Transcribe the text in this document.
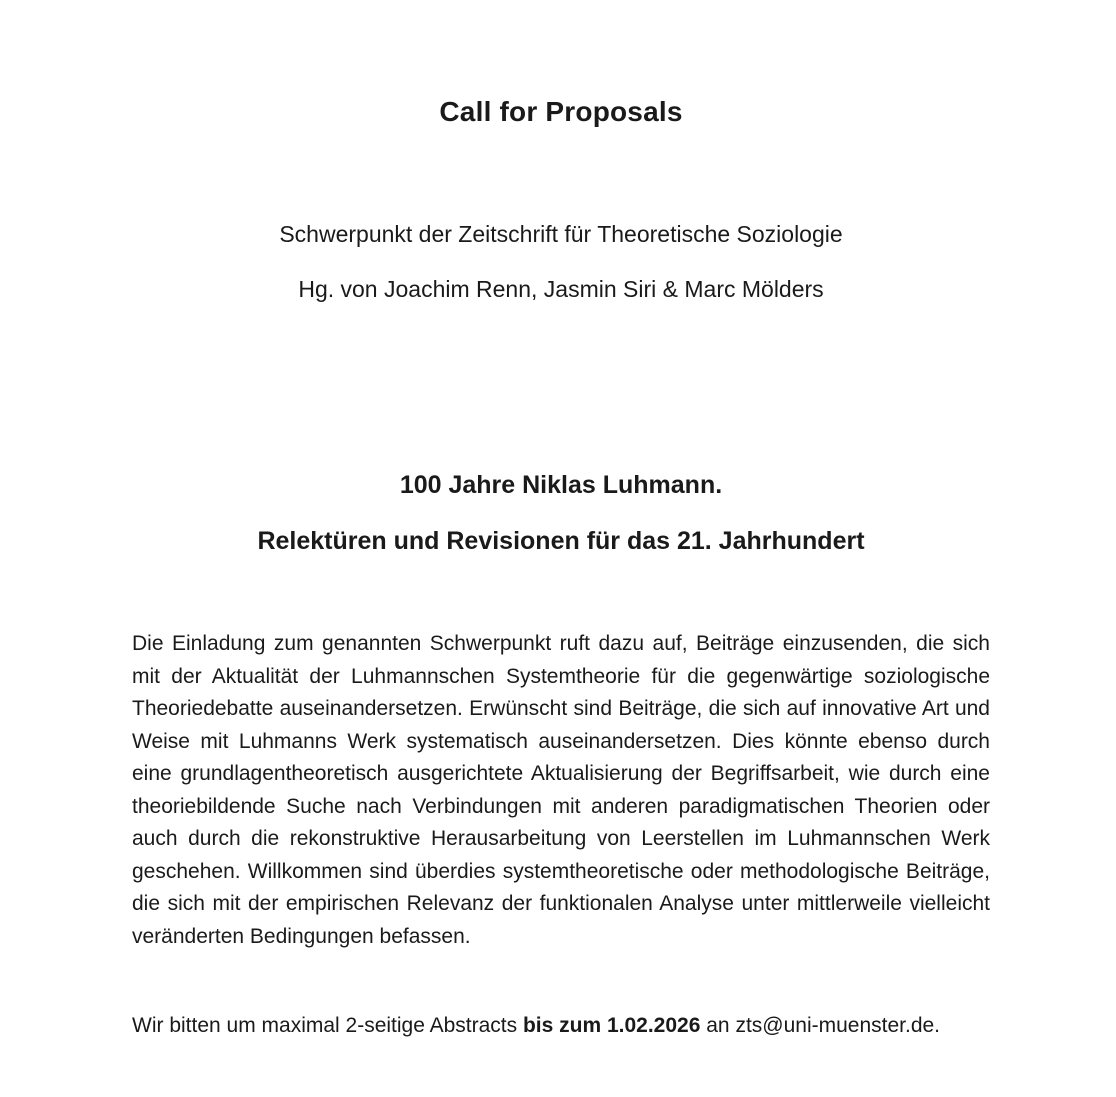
Call for Proposals

Schwerpunkt der Zeitschrift für Theoretische Soziologie

Hg. von Joachim Renn, Jasmin Siri & Marc Mölders

100 Jahre Niklas Luhmann.

Relektüren und Revisionen für das 21. Jahrhundert

Die Einladung zum genannten Schwerpunkt ruft dazu auf, Beiträge einzusenden, die sich mit der Aktualität der Luhmannschen Systemtheorie für die gegenwärtige soziologische Theoriedebatte auseinandersetzen. Erwünscht sind Beiträge, die sich auf innovative Art und Weise mit Luhmanns Werk systematisch auseinandersetzen. Dies könnte ebenso durch eine grundlagentheoretisch ausgerichtete Aktualisierung der Begriffsarbeit, wie durch eine theoriebildende Suche nach Verbindungen mit anderen paradigmatischen Theorien oder auch durch die rekonstruktive Herausarbeitung von Leerstellen im Luhmannschen Werk geschehen. Willkommen sind überdies systemtheoretische oder methodologische Beiträge, die sich mit der empirischen Relevanz der funktionalen Analyse unter mittlerweile vielleicht veränderten Bedingungen befassen.

Wir bitten um maximal 2-seitige Abstracts bis zum 1.02.2026 an zts@uni-muenster.de.
